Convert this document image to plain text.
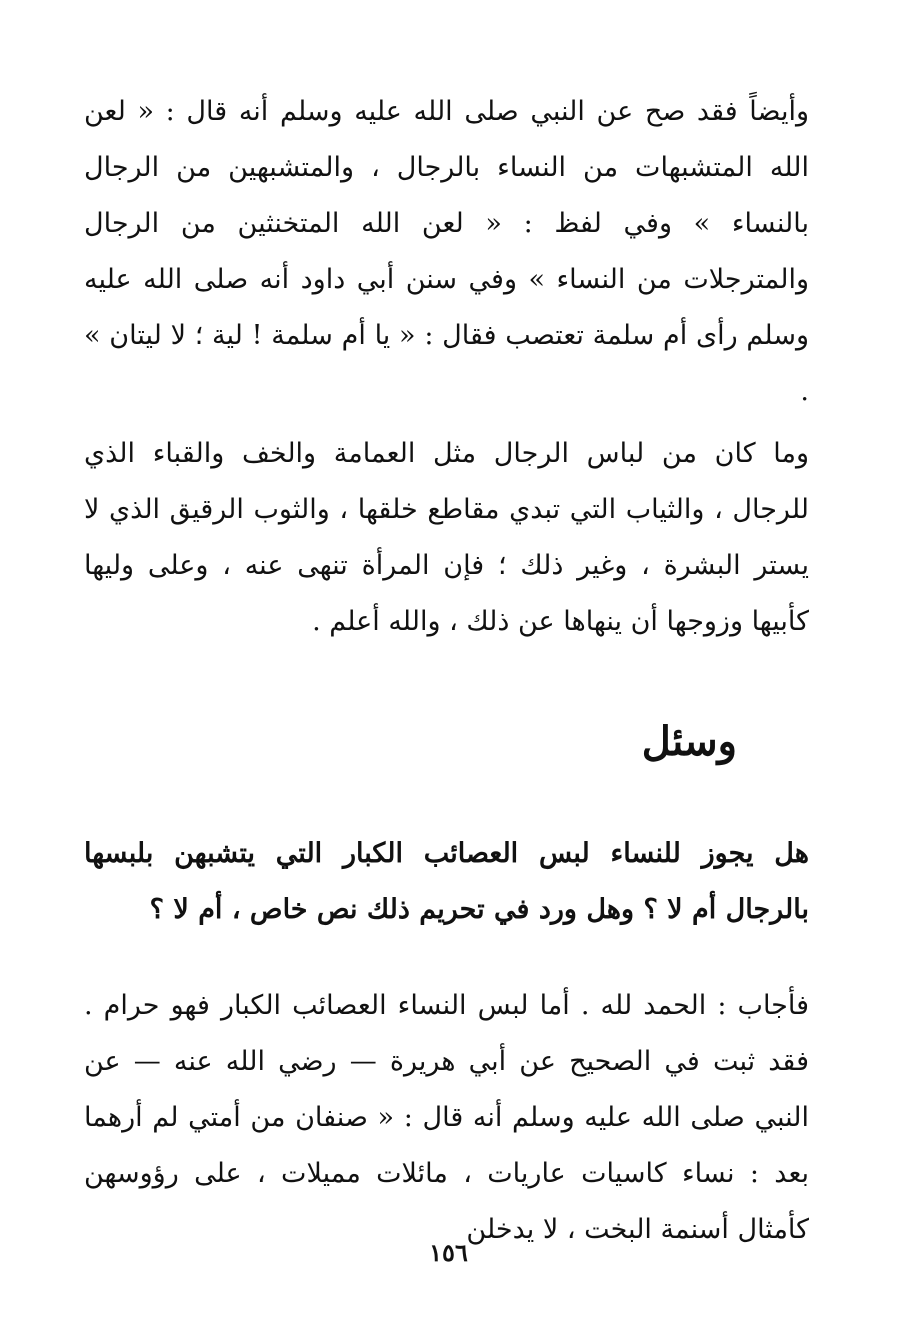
وأيضاً فقد صح عن النبي صلى الله عليه وسلم أنه قال : « لعن الله المتشبهات من النساء بالرجال ، والمتشبهين من الرجال بالنساء » وفي لفظ : « لعن الله المتخنثين من الرجال والمترجلات من النساء » وفي سنن أبي داود أنه صلى الله عليه وسلم رأى أم سلمة تعتصب فقال : « يا أم سلمة ! لية ؛ لا ليتان » .

وما كان من لباس الرجال مثل العمامة والخف والقباء الذي للرجال ، والثياب التي تبدي مقاطع خلقها ، والثوب الرقيق الذي لا يستر البشرة ، وغير ذلك ؛ فإن المرأة تنهى عنه ، وعلى وليها كأبيها وزوجها أن ينهاها عن ذلك ، والله أعلم .

وسئل

هل يجوز للنساء لبس العصائب الكبار التي يتشبهن بلبسها بالرجال أم لا ؟ وهل ورد في تحريم ذلك نص خاص ، أم لا ؟

فأجاب : الحمد لله . أما لبس النساء العصائب الكبار فهو حرام . فقد ثبت في الصحيح عن أبي هريرة — رضي الله عنه — عن النبي صلى الله عليه وسلم أنه قال : « صنفان من أمتي لم أرهما بعد : نساء كاسيات عاريات ، مائلات مميلات ، على رؤوسهن كأمثال أسنمة البخت ، لا يدخلن

١٥٦
